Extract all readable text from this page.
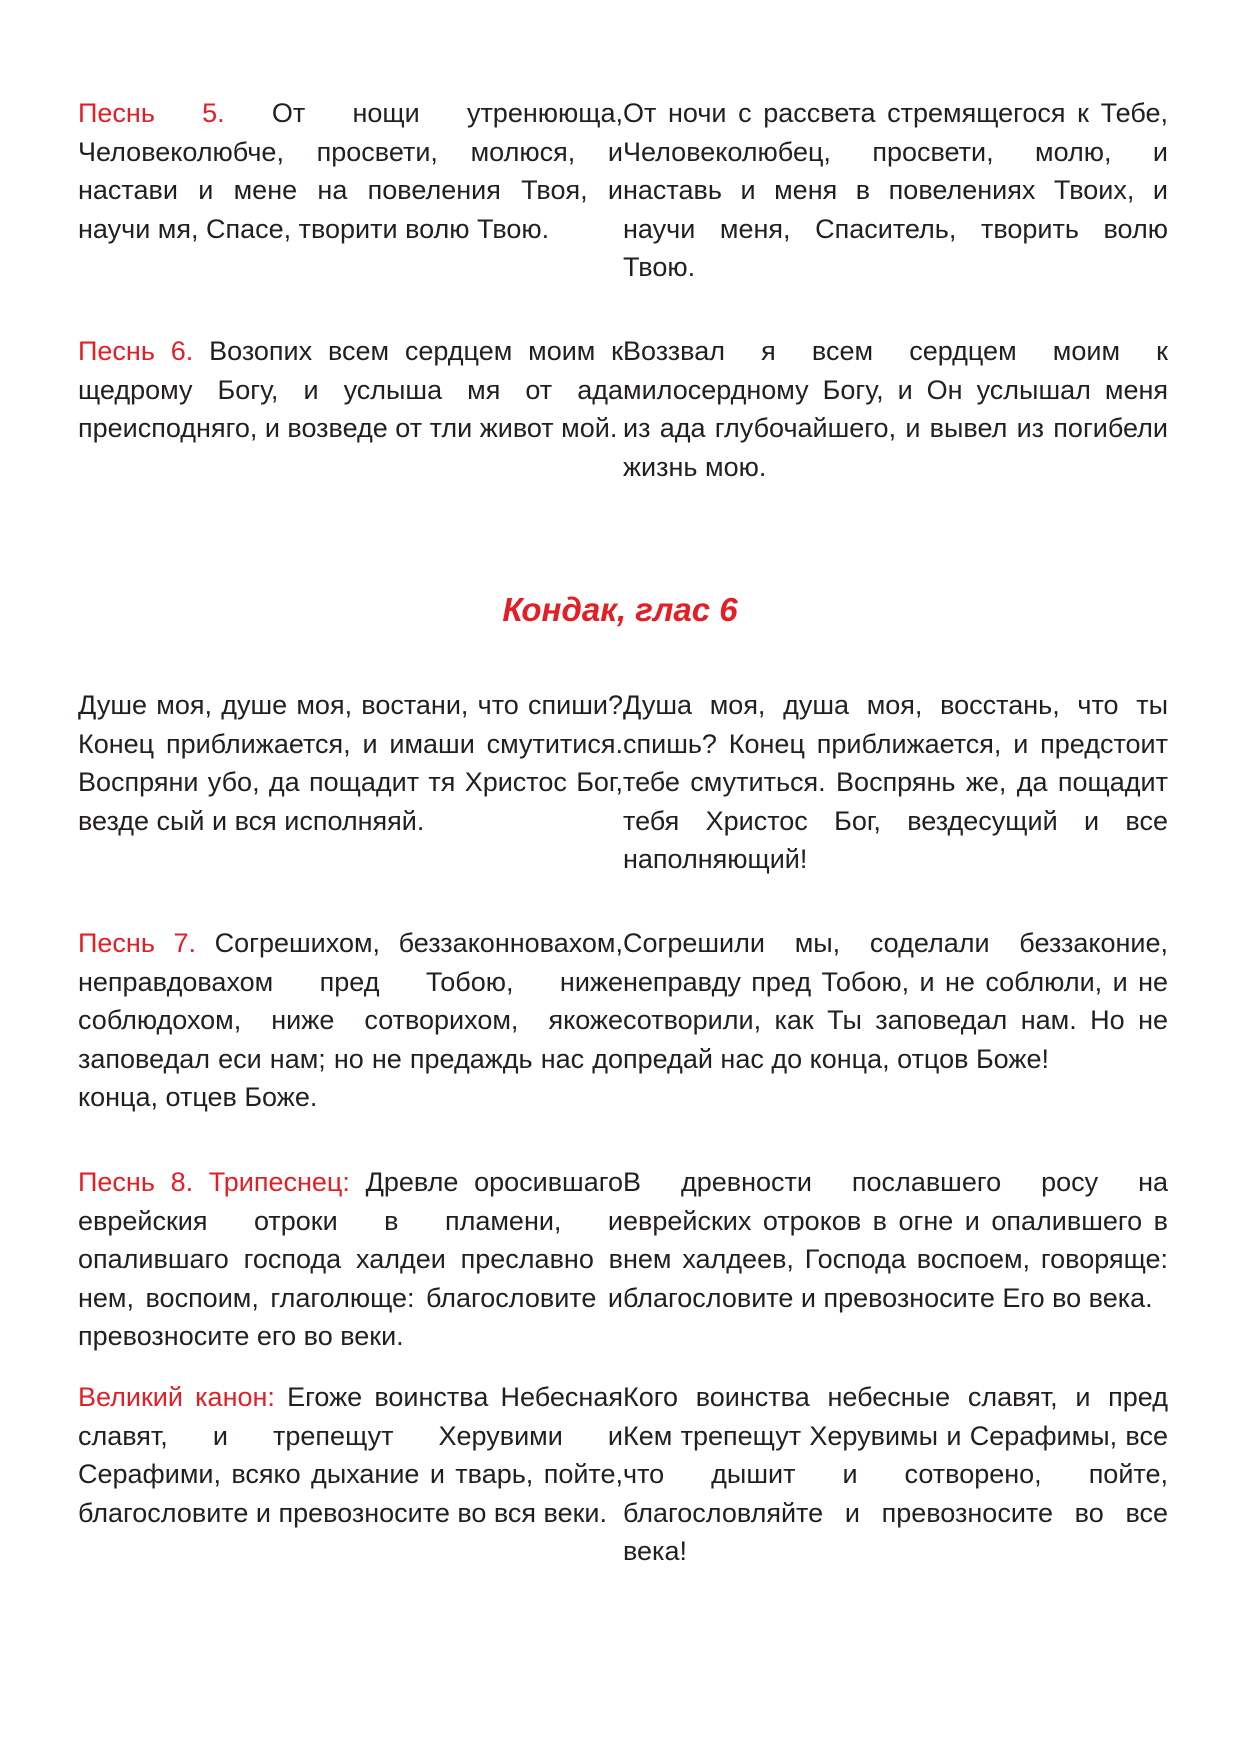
Песнь 5. От нощи утренююща, Человеколюбче, просвети, молюся, и настави и мене на повеления Твоя, и научи мя, Спасе, творити волю Твою.

От ночи с рассвета стремящегося к Тебе, Человеколюбец, просвети, молю, и наставь и меня в повелениях Твоих, и научи меня, Спаситель, творить волю Твою.

Песнь 6. Возопих всем сердцем моим к щедрому Богу, и услыша мя от ада преисподняго, и возведе от тли живот мой.

Воззвал я всем сердцем моим к милосердному Богу, и Он услышал меня из ада глубочайшего, и вывел из погибели жизнь мою.

Кондак, глас 6

Душе моя, душе моя, востани, что спиши? Конец приближается, и имаши смутитися. Воспряни убо, да пощадит тя Христос Бог, везде сый и вся исполняяй.

Душа моя, душа моя, восстань, что ты спишь? Конец приближается, и предстоит тебе смутиться. Воспрянь же, да пощадит тебя Христос Бог, вездесущий и все наполняющий!

Песнь 7. Согрешихом, беззаконновахом, неправдовахом пред Тобою, ниже соблюдохом, ниже сотворихом, якоже заповедал еси нам; но не предаждь нас до конца, отцев Боже.

Согрешили мы, соделали беззаконие, неправду пред Тобою, и не соблюли, и не сотворили, как Ты заповедал нам. Но не предай нас до конца, отцов Боже!

Песнь 8. Трипеснец: Древле оросившаго еврейския отроки в пламени, и опалившаго господа халдеи преславно в нем, воспоим, глаголюще: благословите и превозносите его во веки.

В древности пославшего росу на еврейских отроков в огне и опалившего в нем халдеев, Господа воспоем, говоряще: благословите и превозносите Его во века.

Великий канон: Егоже воинства Небесная славят, и трепещут Херувими и Серафими, всяко дыхание и тварь, пойте, благословите и превозносите во вся веки.

Кого воинства небесные славят, и пред Кем трепещут Херувимы и Серафимы, все что дышит и сотворено, пойте, благословляйте и превозносите во все века!
